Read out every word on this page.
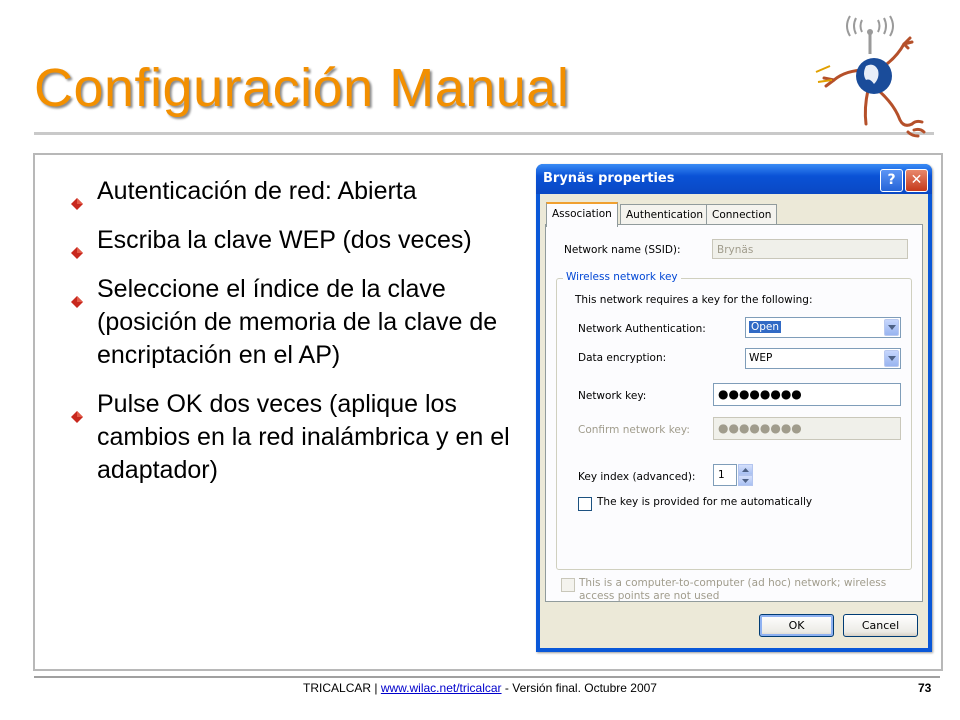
Configuración Manual
Autenticación de red: Abierta
Escriba la clave WEP (dos veces)
Seleccione el índice de la clave (posición de memoria de la clave de encriptación en el AP)
Pulse OK dos veces (aplique los cambios en la red inalámbrica y en el adaptador)
Brynäs properties	?	✕
Association	Authentication Connection
Network name (SSID):	Brynäs
Wireless network key
This network requires a key for the following:
Network Authentication:	Open
Data encryption:	WEP
Network key:	●●●●●●●●
Confirm network key:	●●●●●●●●
Key index (advanced):	1
The key is provided for me automatically
This is a computer-to-computer (ad hoc) network; wireless
access points are not used
OK	Cancel
TRICALCAR | www.wilac.net/tricalcar - Versión final. Octubre 2007	73
